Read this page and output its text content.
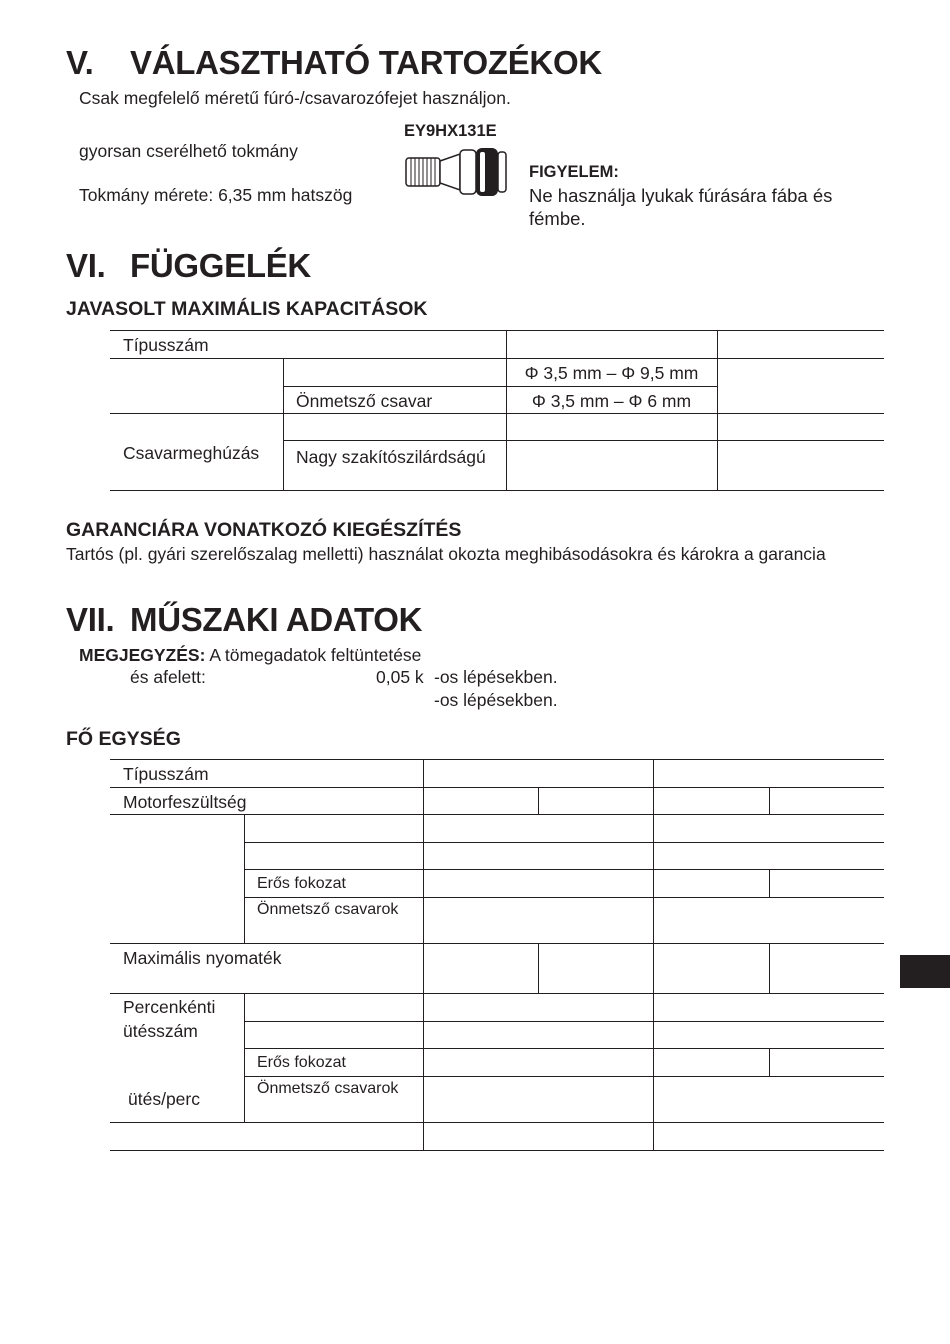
V. VÁLASZTHATÓ TARTOZÉKOK
Csak megfelelő méretű fúró-/csavarozófejet használjon.
EY9HX131E
gyorsan cserélhető tokmány
Tokmány mérete: 6,35 mm hatszög
FIGYELEM:
Ne használja lyukak fúrására fába és
fémbe.
VI. FÜGGELÉK
JAVASOLT MAXIMÁLIS KAPACITÁSOK
Típusszám
Φ 3,5 mm – Φ 9,5 mm
Önmetsző csavar	Φ 3,5 mm – Φ 6 mm
Csavarmeghúzás Nagy szakítószilárdságú
GARANCIÁRA VONATKOZÓ KIEGÉSZÍTÉS
Tartós (pl. gyári szerelőszalag melletti) használat okozta meghibásodásokra és károkra a garancia
VII. MŰSZAKI ADATOK
MEGJEGYZÉS: A tömegadatok feltüntetése
és afelett:	0,05 k -os lépésekben.
-os lépésekben.
FŐ EGYSÉG
Típusszám
Motorfeszültség
Erős fokozat
Önmetsző csavarok
Maximális nyomaték
Percenkénti
ütésszám
Erős fokozat
Önmetsző csavarok
ütés/perc
